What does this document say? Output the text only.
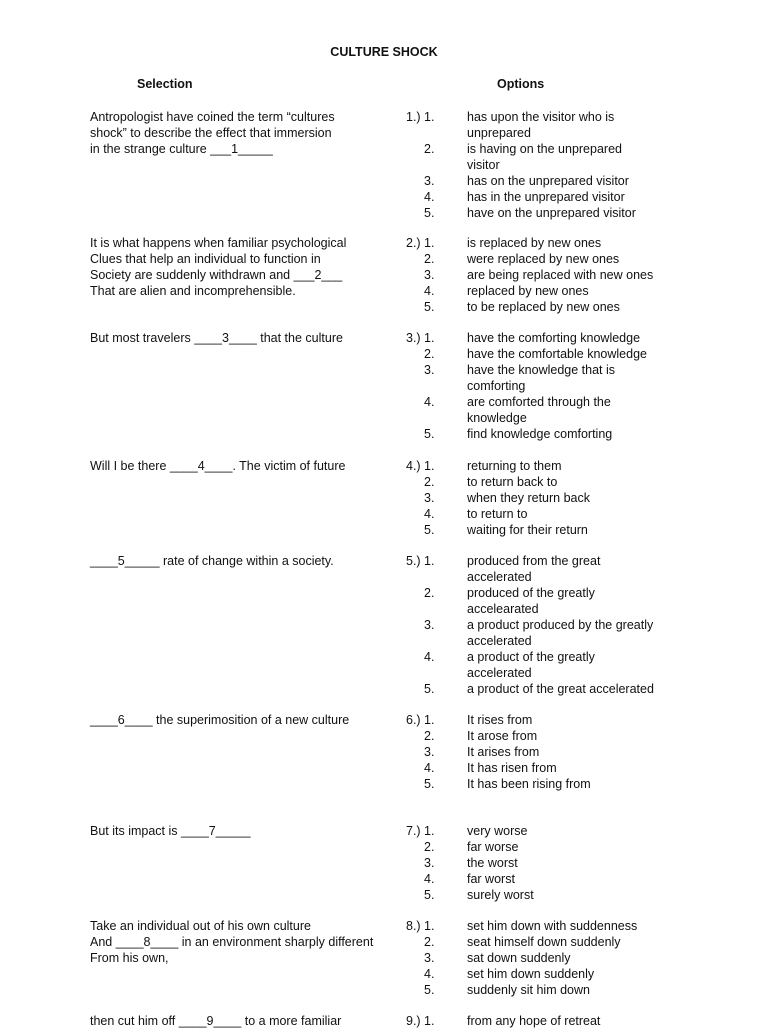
CULTURE SHOCK
Selection	Options
Antropologist have coined the term “cultures
shock” to describe the effect that immersion
in the strange culture ___1_____
1.) 1.	has upon the visitor who is unprepared
2.	is having on the unprepared visitor
3.	has on the unprepared visitor
4.	has in the unprepared visitor
5.	have on the unprepared visitor
It is what happens when familiar psychological
Clues that help an individual to function in
Society are suddenly withdrawn and ___2___
That are alien and incomprehensible.
2.) 1.	is replaced by new ones
2.	were replaced by new ones
3.	are being replaced with new ones
4.	replaced by new ones
5.	to be replaced by new ones
But most travelers ____3____ that the culture	3.) 1.	have the comforting knowledge
2.	have the comfortable knowledge
3.	have the knowledge that is comforting
4.	are comforted through the knowledge
5.	find knowledge comforting
Will I be there ____4____. The victim of future	4.) 1.	returning to them
2.	to return back to
3.	when they return back
4.	to return to
5.	waiting for their return
____5_____ rate of change within a society.	5.) 1.	produced from the great accelerated
2.	produced of the greatly accelearated
3.	a product produced by the greatly accelerated
4.	a product of the greatly accelerated
5.	a product of the great accelerated
____6____ the superimosition of a new culture	6.) 1.	It rises from
2.	It arose from
3.	It arises from
4.	It has risen from
5.	It has been rising from
But its impact is ____7_____	7.) 1.	very worse
2.	far worse
3.	the worst
4.	far worst
5.	surely worst
Take an individual out of his own culture
And ____8____ in an environment sharply different
From his own,
8.) 1.	set him down with suddenness
2.	seat himself down suddenly
3.	sat down suddenly
4.	set him down suddenly
5.	suddenly sit him down
then cut him off ____9____ to a more familiar	9.) 1.	from any hope of retreat
